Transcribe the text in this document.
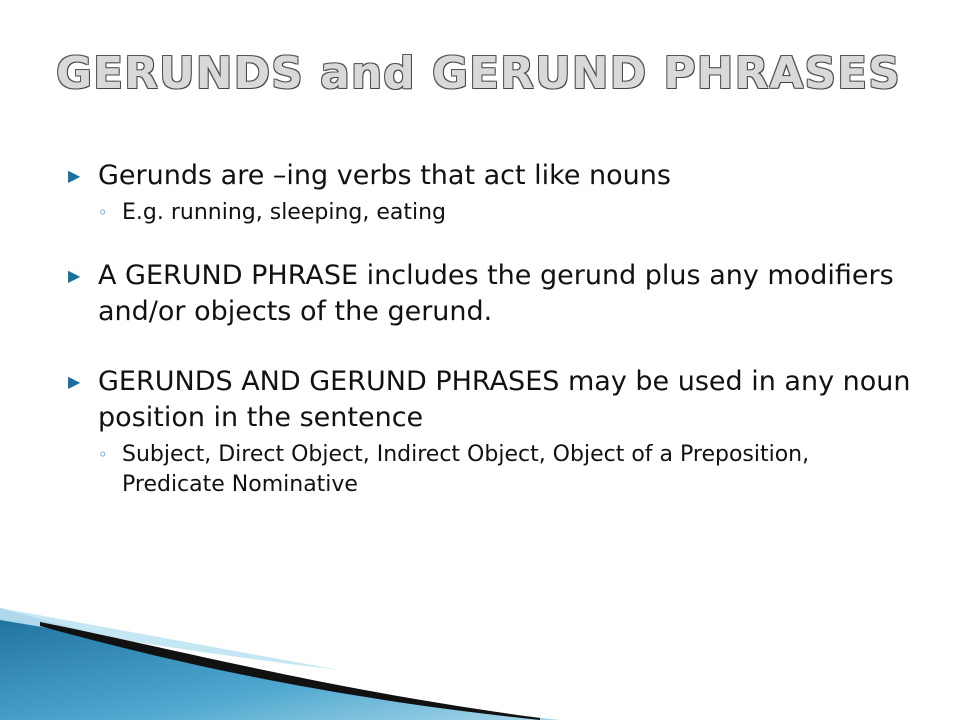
GERUNDS and GERUND PHRASES
▶ Gerunds are –ing verbs that act like nouns
◦ E.g. running, sleeping, eating
▶ A GERUND PHRASE includes the gerund plus any modifiers and/or objects of the gerund.
▶ GERUNDS AND GERUND PHRASES may be used in any noun position in the sentence
◦ Subject, Direct Object, Indirect Object, Object of a Preposition, Predicate Nominative
